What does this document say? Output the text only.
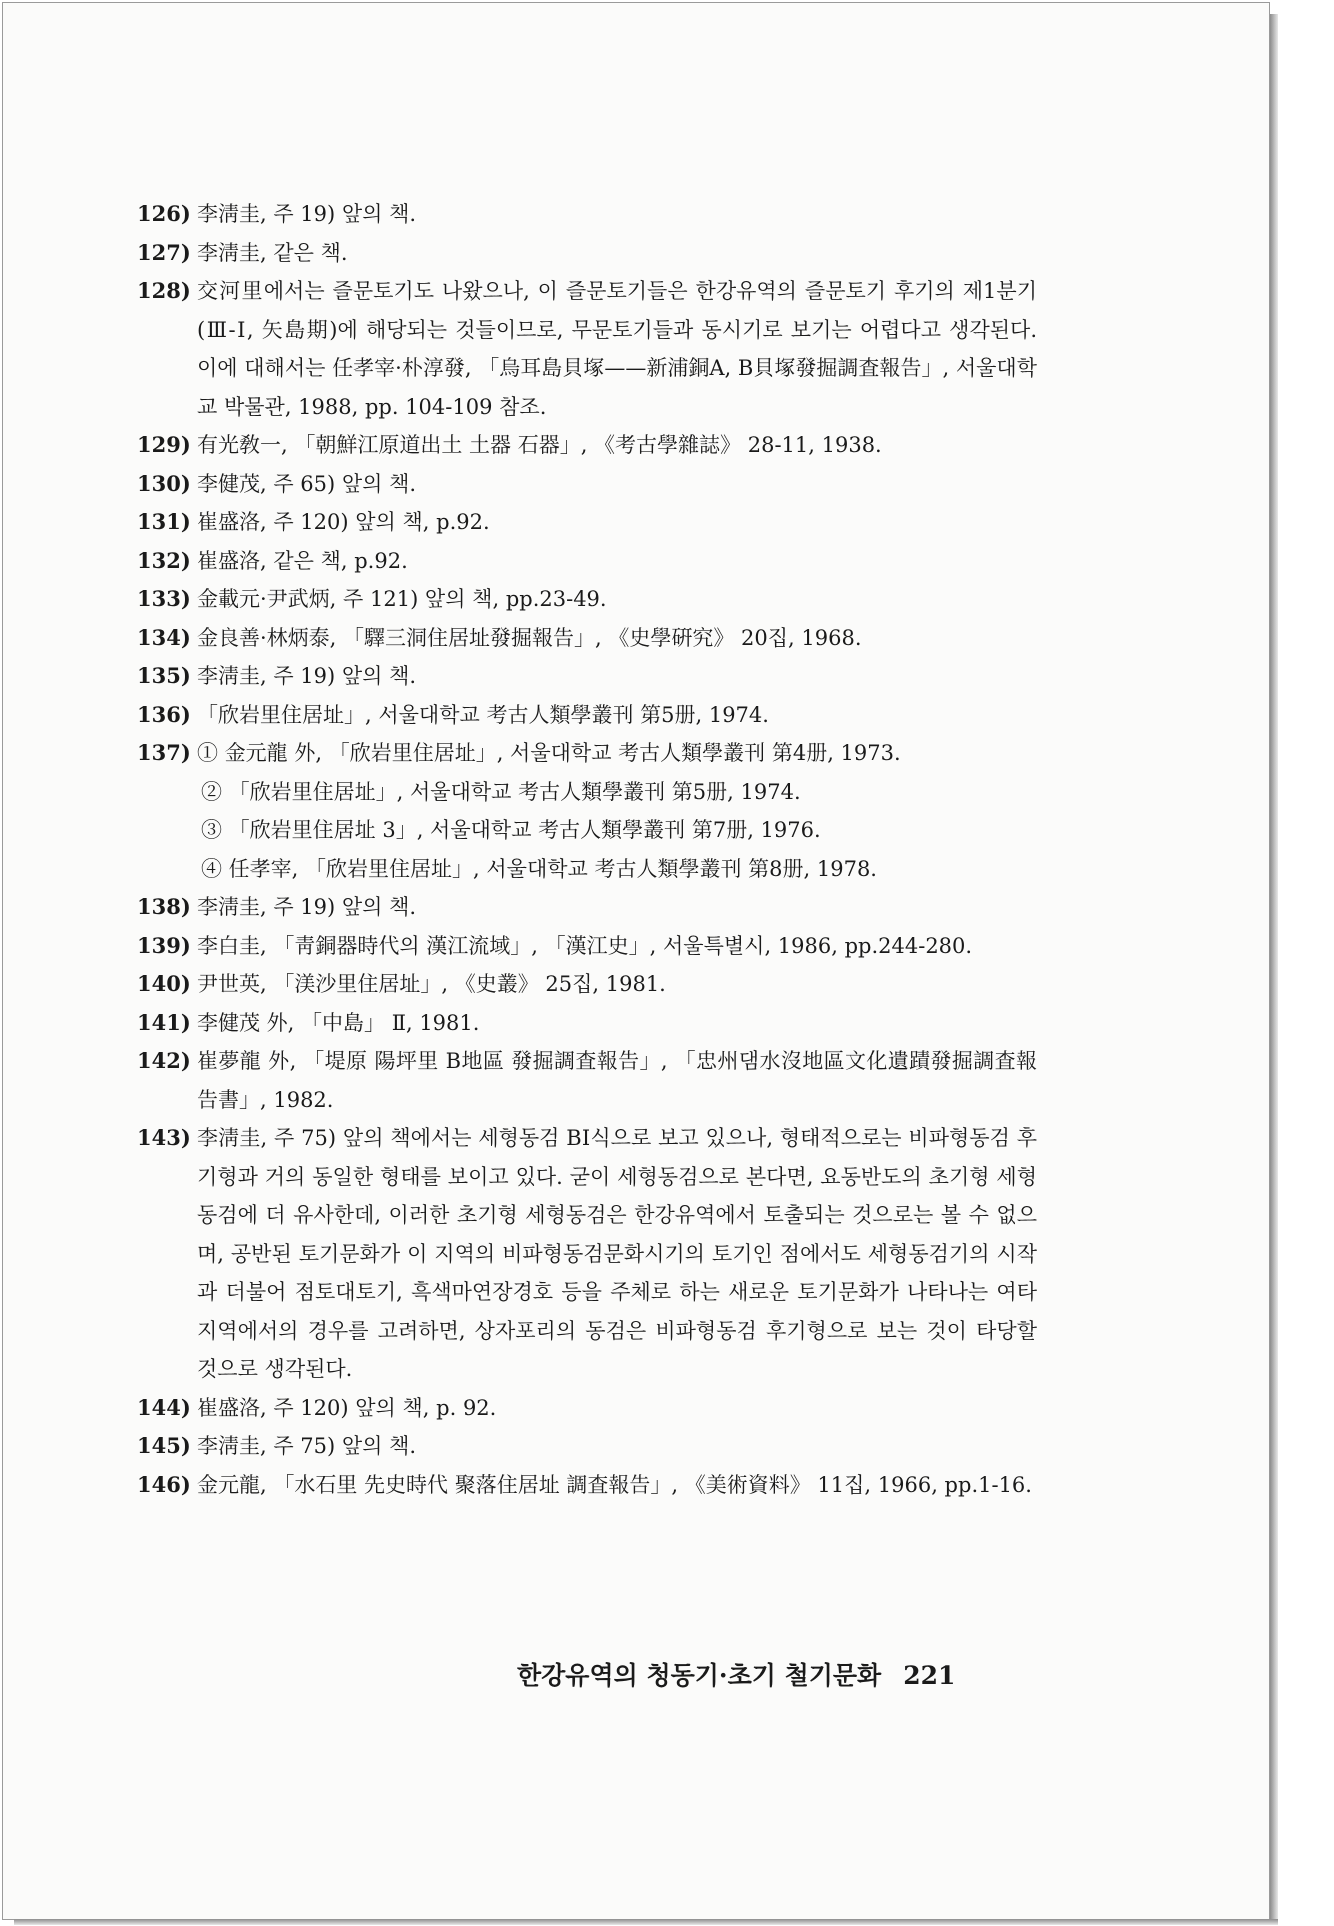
126) 李淸圭, 주 19) 앞의 책.
127) 李淸圭, 같은 책.
128) 交河里에서는 즐문토기도 나왔으나, 이 즐문토기들은 한강유역의 즐문토기 후기의 제1분기(Ⅲ-Ⅰ, 矢島期)에 해당되는 것들이므로, 무문토기들과 동시기로 보기는 어렵다고 생각된다. 이에 대해서는 任孝宰·朴淳發, 「烏耳島貝塚——新浦銅A, B貝塚發掘調査報告」, 서울대학교 박물관, 1988, pp. 104-109 참조.
129) 有光敎一, 「朝鮮江原道出土 土器 石器」, 《考古學雜誌》 28-11, 1938.
130) 李健茂, 주 65) 앞의 책.
131) 崔盛洛, 주 120) 앞의 책, p.92.
132) 崔盛洛, 같은 책, p.92.
133) 金載元·尹武炳, 주 121) 앞의 책, pp.23-49.
134) 金良善·林炳泰, 「驛三洞住居址發掘報告」, 《史學硏究》 20집, 1968.
135) 李淸圭, 주 19) 앞의 책.
136) 「欣岩里住居址」, 서울대학교 考古人類學叢刊 第5册, 1974.
137) ① 金元龍 外, 「欣岩里住居址」, 서울대학교 考古人類學叢刊 第4册, 1973.
② 「欣岩里住居址」, 서울대학교 考古人類學叢刊 第5册, 1974.
③ 「欣岩里住居址 3」, 서울대학교 考古人類學叢刊 第7册, 1976.
④ 任孝宰, 「欣岩里住居址」, 서울대학교 考古人類學叢刊 第8册, 1978.
138) 李淸圭, 주 19) 앞의 책.
139) 李白圭, 「靑銅器時代의 漢江流域」, 「漢江史」, 서울특별시, 1986, pp.244-280.
140) 尹世英, 「渼沙里住居址」, 《史叢》 25집, 1981.
141) 李健茂 外, 「中島」 Ⅱ, 1981.
142) 崔夢龍 外, 「堤原 陽坪里 B地區 發掘調査報告」, 「忠州댐水沒地區文化遺蹟發掘調査報告書」, 1982.
143) 李淸圭, 주 75) 앞의 책에서는 세형동검 BⅠ식으로 보고 있으나, 형태적으로는 비파형동검 후기형과 거의 동일한 형태를 보이고 있다. 굳이 세형동검으로 본다면, 요동반도의 초기형 세형동검에 더 유사한데, 이러한 초기형 세형동검은 한강유역에서 토출되는 것으로는 볼 수 없으며, 공반된 토기문화가 이 지역의 비파형동검문화시기의 토기인 점에서도 세형동검기의 시작과 더불어 점토대토기, 흑색마연장경호 등을 주체로 하는 새로운 토기문화가 나타나는 여타 지역에서의 경우를 고려하면, 상자포리의 동검은 비파형동검 후기형으로 보는 것이 타당할 것으로 생각된다.
144) 崔盛洛, 주 120) 앞의 책, p. 92.
145) 李淸圭, 주 75) 앞의 책.
146) 金元龍, 「水石里 先史時代 聚落住居址 調査報告」, 《美術資料》 11집, 1966, pp.1-16.
한강유역의 청동기·초기 철기문화 221
